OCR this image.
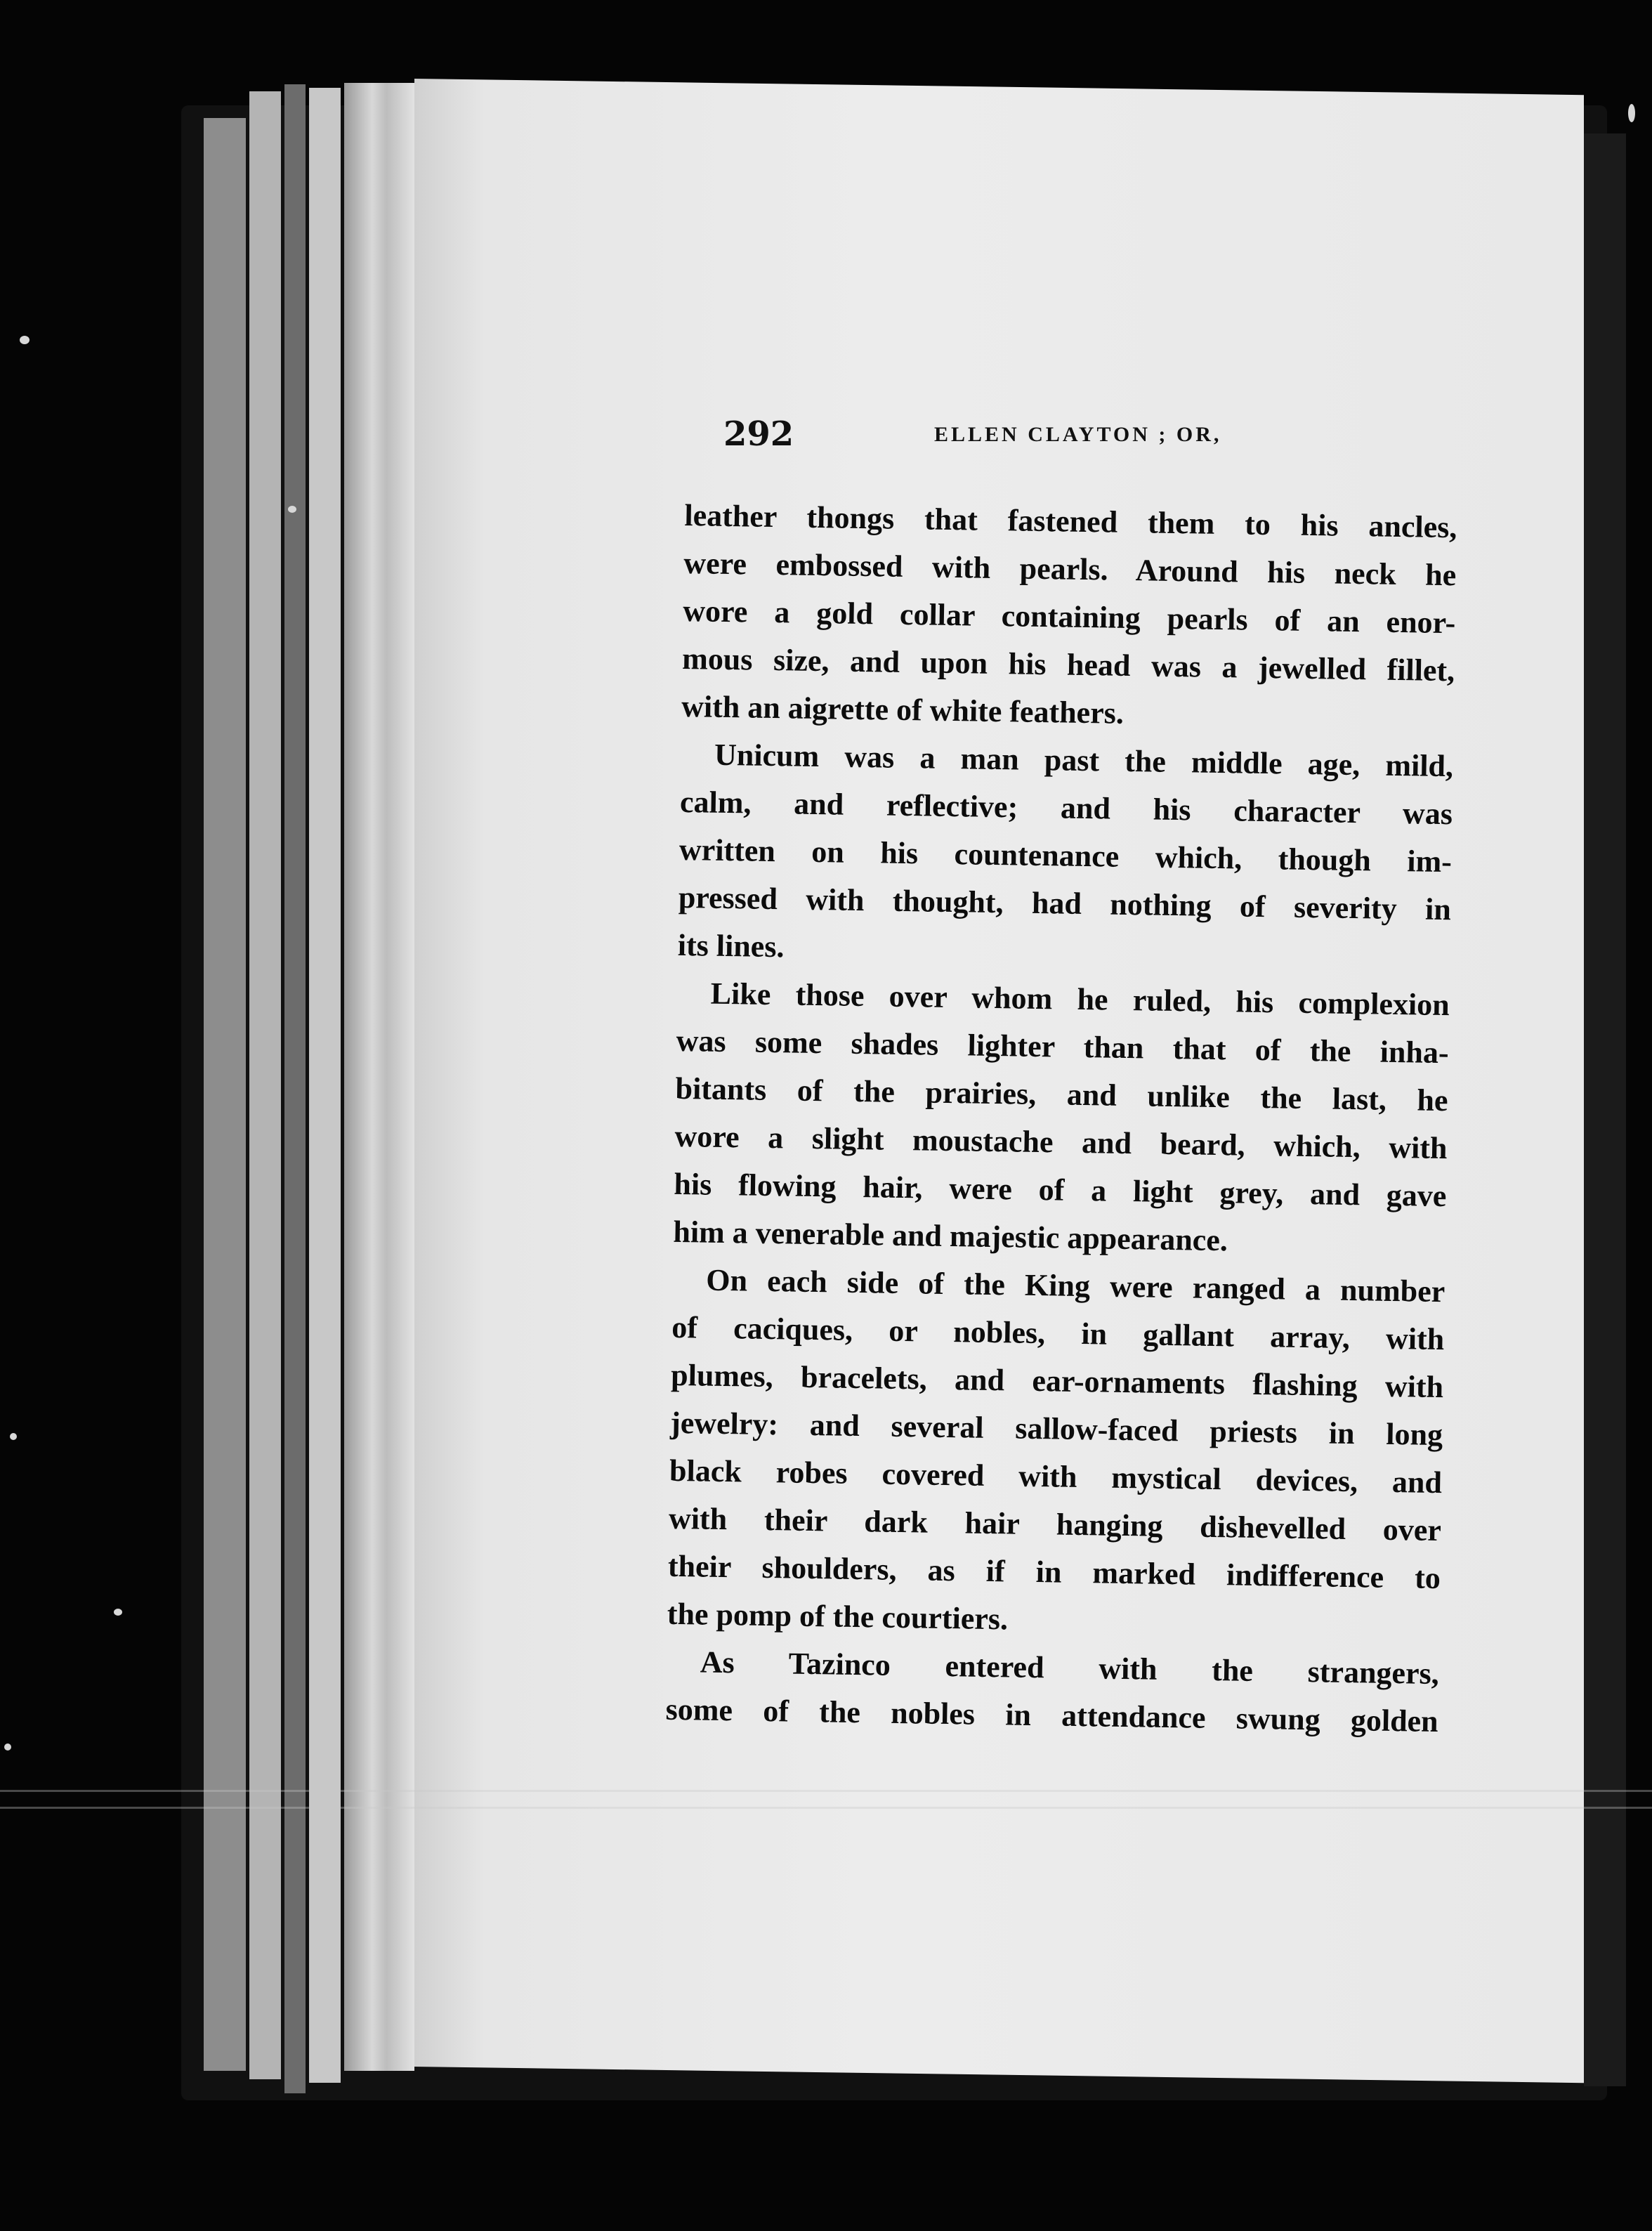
292	ELLEN CLAYTON ; OR,
leather thongs that fastened them to his ancles,
were embossed with pearls. Around his neck he
wore a gold collar containing pearls of an enor-
mous size, and upon his head was a jewelled fillet,
with an aigrette of white feathers.
Unicum was a man past the middle age, mild,
calm, and reflective; and his character was
written on his countenance which, though im-
pressed with thought, had nothing of severity in
its lines.
Like those over whom he ruled, his complexion
was some shades lighter than that of the inha-
bitants of the prairies, and unlike the last, he
wore a slight moustache and beard, which, with
his flowing hair, were of a light grey, and gave
him a venerable and majestic appearance.
On each side of the King were ranged a number
of caciques, or nobles, in gallant array, with
plumes, bracelets, and ear-ornaments flashing with
jewelry: and several sallow-faced priests in long
black robes covered with mystical devices, and
with their dark hair hanging dishevelled over
their shoulders, as if in marked indifference to
the pomp of the courtiers.
As Tazinco entered with the strangers,
some of the nobles in attendance swung golden
